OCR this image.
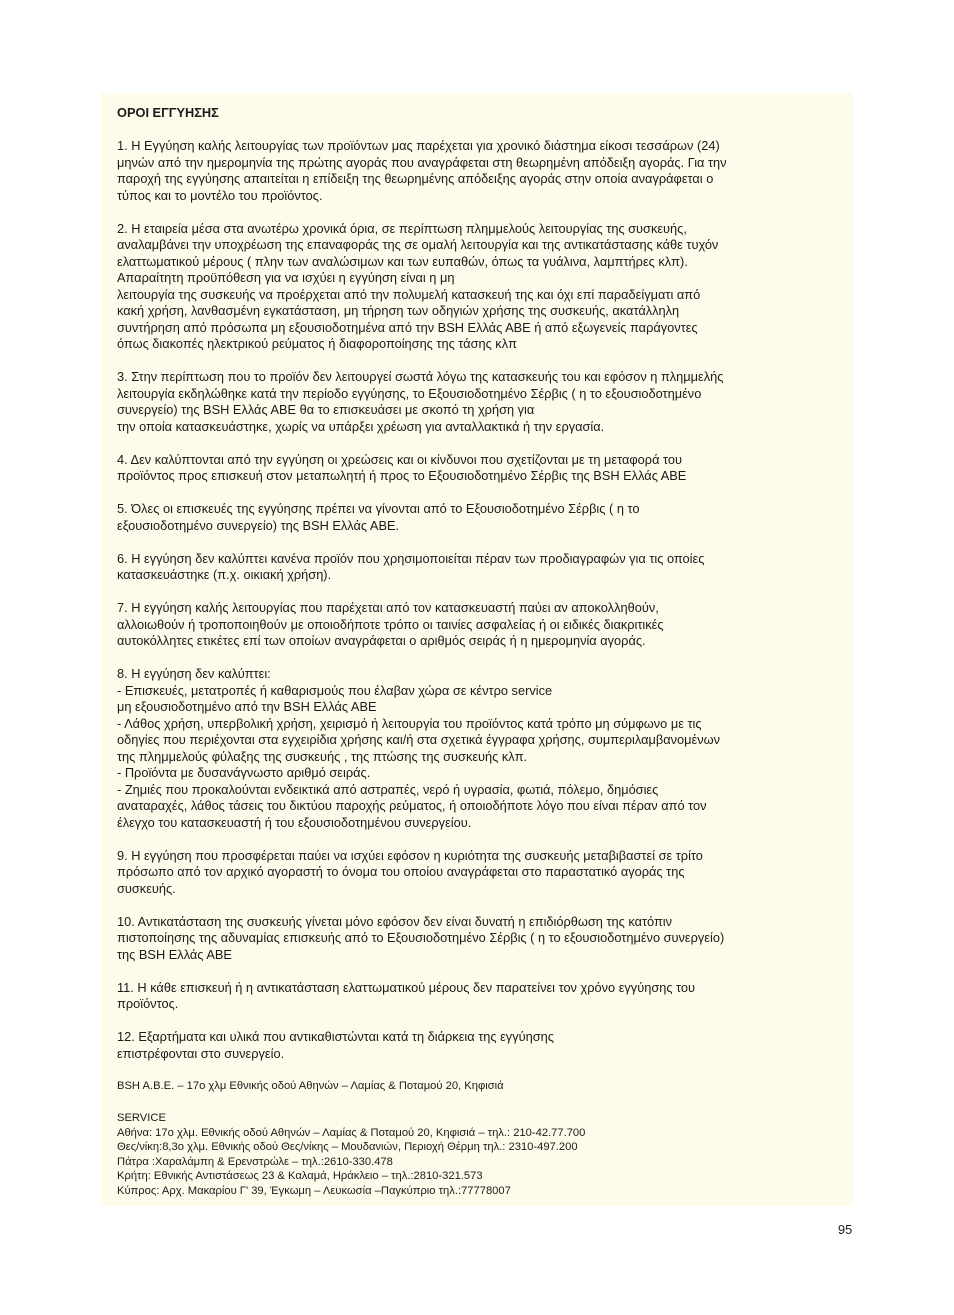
ΟΡΟΙ ΕΓΓΥΗΣΗΣ
1. Η Εγγύηση καλής λειτουργίας των προϊόντων μας παρέχεται για χρονικό διάστημα είκοσι τεσσάρων (24)
μηνών από την ημερομηνία της πρώτης αγοράς που αναγράφεται στη θεωρημένη απόδειξη αγοράς. Για την
παροχή της εγγύησης απαιτείται η επίδειξη της θεωρημένης απόδειξης αγοράς στην οποία αναγράφεται ο
τύπος και το μοντέλο του προϊόντος.
2. Η εταιρεία μέσα στα ανωτέρω χρονικά όρια, σε περίπτωση πλημμελούς λειτουργίας της συσκευής,
αναλαμβάνει την υποχρέωση της επαναφοράς της σε ομαλή λειτουργία και της αντικατάστασης κάθε τυχόν
ελαττωματικού μέρους ( πλην των αναλώσιμων και των ευπαθών, όπως τα γυάλινα, λαμπτήρες κλπ).
Απαραίτητη προϋπόθεση για να ισχύει η εγγύηση είναι η μη
λειτουργία της συσκευής να προέρχεται από την πολυμελή κατασκευή της και όχι επί παραδείγματι από
κακή χρήση, λανθασμένη εγκατάσταση, μη τήρηση των οδηγιών χρήσης της συσκευής, ακατάλληλη
συντήρηση από πρόσωπα μη εξουσιοδοτημένα από την BSH Ελλάς ΑΒΕ ή από εξωγενείς παράγοντες
όπως διακοπές ηλεκτρικού ρεύματος ή διαφοροποίησης της τάσης κλπ
3. Στην περίπτωση που το προϊόν δεν λειτουργεί σωστά λόγω της κατασκευής του και εφόσον η πλημμελής
λειτουργία εκδηλώθηκε κατά την περίοδο εγγύησης, το Εξουσιοδοτημένο Σέρβις ( η το εξουσιοδοτημένο
συνεργείο) της BSH Ελλάς ΑΒΕ θα το επισκευάσει με σκοπό τη χρήση για
την οποία κατασκευάστηκε, χωρίς να υπάρξει χρέωση για ανταλλακτικά ή την εργασία.
4. Δεν καλύπτονται από την εγγύηση οι χρεώσεις και οι κίνδυνοι που σχετίζονται με τη μεταφορά του
προϊόντος προς επισκευή στον μεταπωλητή ή προς το Εξουσιοδοτημένο Σέρβις της BSH Ελλάς ΑΒΕ
5. Όλες οι επισκευές της εγγύησης πρέπει να γίνονται από το Εξουσιοδοτημένο Σέρβις ( η το
εξουσιοδοτημένο συνεργείο) της BSH Ελλάς ΑΒΕ.
6. Η εγγύηση δεν καλύπτει κανένα προϊόν που χρησιμοποιείται πέραν των προδιαγραφών για τις οποίες
κατασκευάστηκε (π.χ. οικιακή χρήση).
7. Η εγγύηση καλής λειτουργίας που παρέχεται από τον κατασκευαστή παύει αν αποκολληθούν,
αλλοιωθούν ή τροποποιηθούν με οποιοδήποτε τρόπο οι ταινίες ασφαλείας ή οι ειδικές διακριτικές
αυτοκόλλητες ετικέτες επί των οποίων αναγράφεται ο αριθμός σειράς ή η ημερομηνία αγοράς.
8. Η εγγύηση δεν καλύπτει:
- Επισκευές, μετατροπές ή καθαρισμούς που έλαβαν χώρα σε κέντρο service
μη εξουσιοδοτημένο από την BSH Ελλάς ΑΒΕ
- Λάθος χρήση, υπερβολική χρήση, χειρισμό ή λειτουργία του προϊόντος κατά τρόπο μη σύμφωνο με τις
οδηγίες που περιέχονται στα εγχειρίδια χρήσης και/ή στα σχετικά έγγραφα χρήσης, συμπεριλαμβανομένων
της πλημμελούς φύλαξης της συσκευής , της πτώσης της συσκευής κλπ.
- Προϊόντα με δυσανάγνωστο αριθμό σειράς.
- Ζημιές που προκαλούνται ενδεικτικά από αστραπές, νερό ή υγρασία, φωτιά, πόλεμο, δημόσιες
αναταραχές, λάθος τάσεις του δικτύου παροχής ρεύματος, ή οποιοδήποτε λόγο που είναι πέραν από τον
έλεγχο του κατασκευαστή ή του εξουσιοδοτημένου συνεργείου.
9. Η εγγύηση που προσφέρεται παύει να ισχύει εφόσον η κυριότητα της συσκευής μεταβιβαστεί σε τρίτο
πρόσωπο από τον αρχικό αγοραστή το όνομα του οποίου αναγράφεται στο παραστατικό αγοράς της
συσκευής.
10. Αντικατάσταση της συσκευής γίνεται μόνο εφόσον δεν είναι δυνατή η επιδιόρθωση της κατόπιν
πιστοποίησης της αδυναμίας επισκευής από το Εξουσιοδοτημένο Σέρβις ( η το εξουσιοδοτημένο συνεργείο)
της BSH Ελλάς ΑΒΕ
11. Η κάθε επισκευή ή η αντικατάσταση ελαττωματικού μέρους δεν παρατείνει τον χρόνο εγγύησης του
προϊόντος.
12. Εξαρτήματα και υλικά που αντικαθιστώνται κατά τη διάρκεια της εγγύησης
επιστρέφονται στο συνεργείο.
BSH A.B.E. – 17ο χλμ Εθνικής οδού Αθηνών – Λαμίας & Ποταμού 20, Κηφισιά
SERVICE
Αθήνα: 17ο χλμ. Εθνικής οδού Αθηνών – Λαμίας & Ποταμού 20, Κηφισιά – τηλ.: 210-42.77.700
Θες/νίκη:8,3ο χλμ. Εθνικής οδού Θες/νίκης – Μουδανιών, Περιοχή Θέρμη τηλ.: 2310-497.200
Πάτρα :Χαραλάμπη & Ερενστρώλε – τηλ.:2610-330.478
Κρήτη: Εθνικής Αντιστάσεως 23 & Καλαμά, Ηράκλειο – τηλ.:2810-321.573
Κύπρος: Αρχ. Μακαρίου Γ' 39, Έγκωμη – Λευκωσία –Παγκύπριο τηλ.:77778007
95
